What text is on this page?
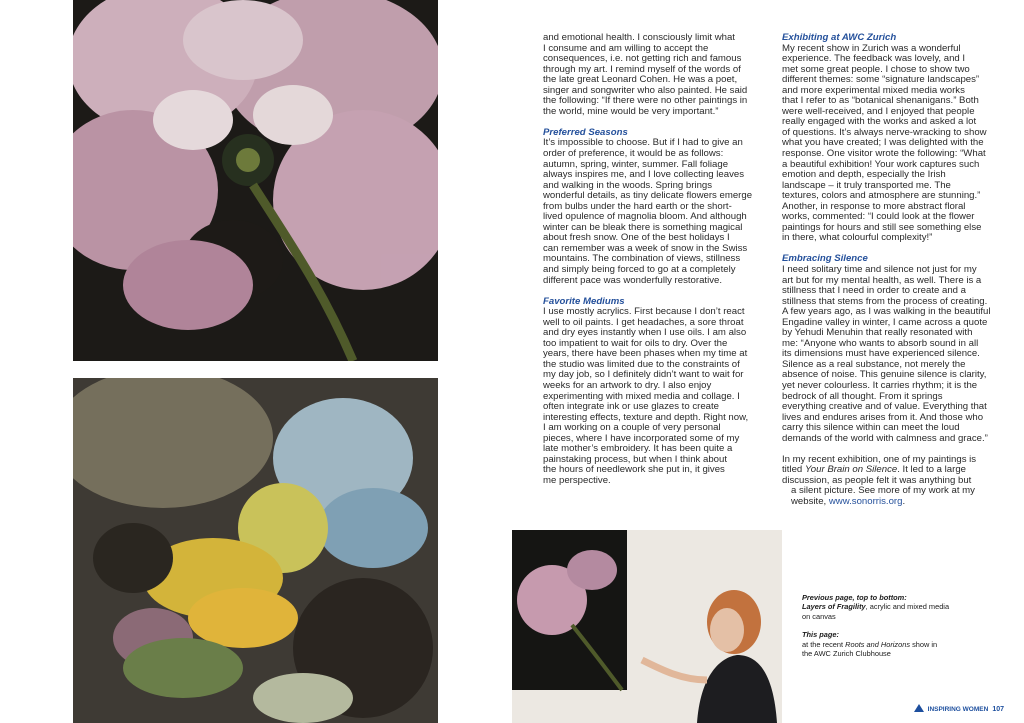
and emotional health. I consciously limit what

I consume and am willing to accept the

consequences, i.e. not getting rich and famous

through my art. I remind myself of the words of

the late great Leonard Cohen. He was a poet,

singer and songwriter who also painted. He said

the following: “If there were no other paintings in

the world, mine would be very important.”

Preferred Seasons

It’s impossible to choose. But if I had to give an

order of preference, it would be as follows:

autumn, spring, winter, summer. Fall foliage

always inspires me, and I love collecting leaves

and walking in the woods. Spring brings

wonderful details, as tiny delicate flowers emerge

from bulbs under the hard earth or the short-

lived opulence of magnolia bloom. And although

winter can be bleak there is something magical

about fresh snow. One of the best holidays I

can remember was a week of snow in the Swiss

mountains. The combination of views, stillness

and simply being forced to go at a completely

different pace was wonderfully restorative.

Favorite Mediums

I use mostly acrylics. First because I don’t react

well to oil paints. I get headaches, a sore throat

and dry eyes instantly when I use oils. I am also

too impatient to wait for oils to dry. Over the

years, there have been phases when my time at

the studio was limited due to the constraints of

my day job, so I definitely didn’t want to wait for

weeks for an artwork to dry. I also enjoy

experimenting with mixed media and collage. I

often integrate ink or use glazes to create

interesting effects, texture and depth. Right now,

I am working on a couple of very personal

pieces, where I have incorporated some of my

late mother’s embroidery. It has been quite a

painstaking process, but when I think about

the hours of needlework she put in, it gives

me perspective.

Exhibiting at AWC Zurich

My recent show in Zurich was a wonderful

experience. The feedback was lovely, and I

met some great people. I chose to show two

different themes: some “signature landscapes”

and more experimental mixed media works

that I refer to as “botanical shenanigans.” Both

were well-received, and I enjoyed that people

really engaged with the works and asked a lot

of questions. It’s always nerve-wracking to show

what you have created; I was delighted with the

response. One visitor wrote the following: “What

a beautiful exhibition! Your work captures such

emotion and depth, especially the Irish

landscape – it truly transported me. The

textures, colors and atmosphere are stunning.”

Another, in response to more abstract floral

works, commented: “I could look at the flower

paintings for hours and still see something else

in there, what colourful complexity!”

Embracing Silence

I need solitary time and silence not just for my

art but for my mental health, as well. There is a

stillness that I need in order to create and a

stillness that stems from the process of creating.

A few years ago, as I was walking in the beautiful

Engadine valley in winter, I came across a quote

by Yehudi Menuhin that really resonated with

me: “Anyone who wants to absorb sound in all

its dimensions must have experienced silence.

Silence as a real substance, not merely the

absence of noise. This genuine silence is clarity,

yet never colourless. It carries rhythm; it is the

bedrock of all thought. From it springs

everything creative and of value. Everything that

lives and endures arises from it. And those who

carry this silence within can meet the loud

demands of the world with calmness and grace.”

In my recent exhibition, one of my paintings is

titled Your Brain on Silence. It led to a large

discussion, as people felt it was anything but

a silent picture. See more of my work at my

website, www.sonorris.org.

Previous page, top to bottom:

Layers of Fragility, acrylic and mixed media

on canvas

This page:

at the recent Roots and Horizons show in

the AWC Zurich Clubhouse

INSPIRING WOMEN 107
